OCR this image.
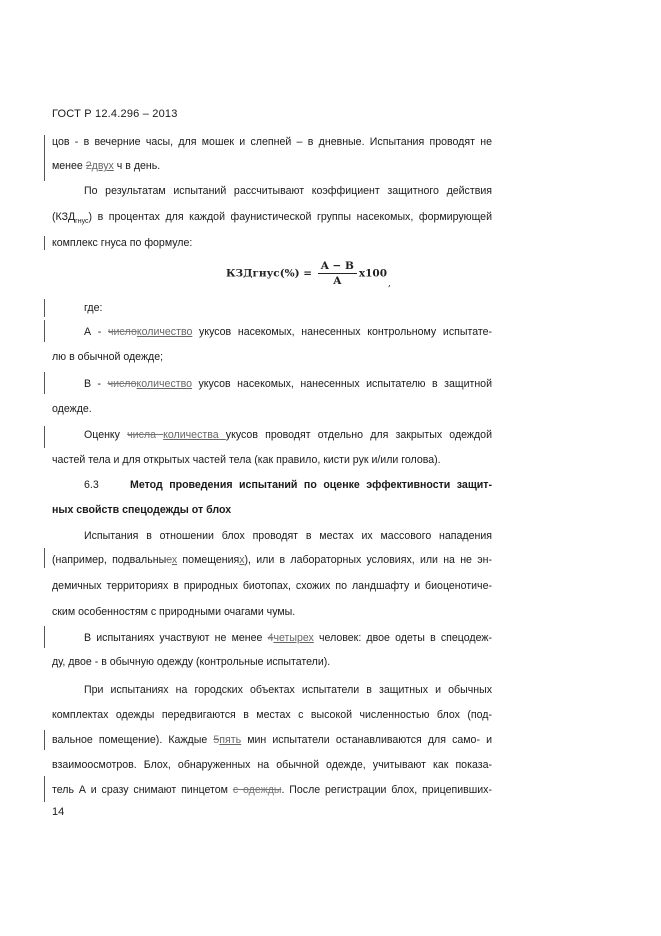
ГОСТ Р 12.4.296 – 2013
цов - в вечерние часы, для мошек и слепней – в дневные. Испытания проводят не
менее 2двух ч в день.
По результатам испытаний рассчитывают коэффициент защитного действия
$(КЗД_{гнус})$ в процентах для каждой фаунистической группы насекомых, формирующей
комплекс гнуса по формуле:
КЗДгнус(%) = $\frac{A - B}{A} x100$,
где:
А - числоколичество укусов насекомых, нанесенных контрольному испытате-
лю в обычной одежде;
В - числоколичество укусов насекомых, нанесенных испытателю в защитной
одежде.
Оценку числа количества укусов проводят отдельно для закрытых одеждой
частей тела и для открытых частей тела (как правило, кисти рук и/или голова).
6.3	Метод проведения испытаний по оценке эффективности защит-
ных свойств спецодежды от блох
Испытания в отношении блох проводят в местах их массового нападения
(например, подвальныех помещениях), или в лабораторных условиях, или на не эн-
демичных территориях в природных биотопах, схожих по ландшафту и биоценотиче-
ским особенностям с природными очагами чумы.
В испытаниях участвуют не менее 4четырех человек: двое одеты в спецодеж-
ду, двое - в обычную одежду (контрольные испытатели).
При испытаниях на городских объектах испытатели в защитных и обычных
комплектах одежды передвигаются в местах с высокой численностью блох (под-
вальное помещение). Каждые 5пять мин испытатели останавливаются для само- и
взаимоосмотров. Блох, обнаруженных на обычной одежде, учитывают как показа-
тель А и сразу снимают пинцетом с одежды. После регистрации блох, прицепивших-
14
